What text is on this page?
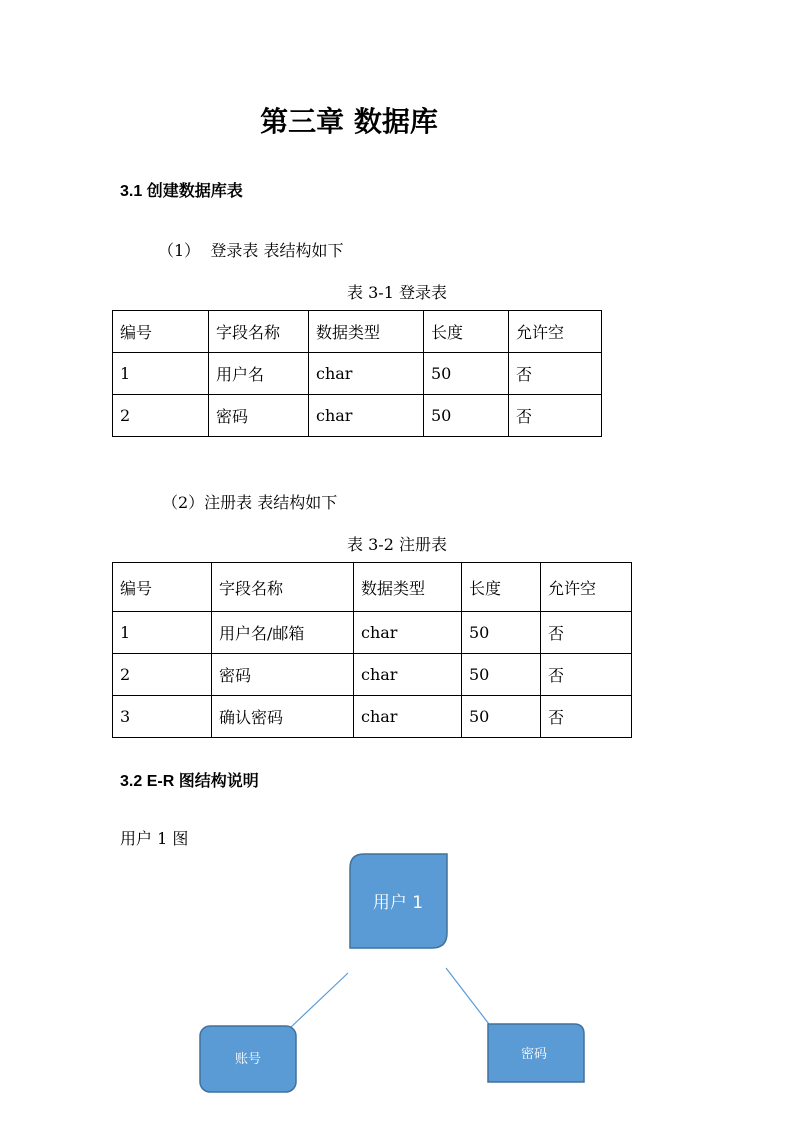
第三章 数据库
3.1 创建数据库表

（1）  登录表 表结构如下

表 3-1 登录表

编号	字段名称	数据类型	长度	允许空
1	用户名	char	50	否
2	密码	char	50	否

（2）注册表 表结构如下

表 3-2 注册表

编号	字段名称	数据类型	长度	允许空
1	用户名/邮箱	char	50	否
2	密码	char	50	否
3	确认密码	char	50	否
3.2 E-R 图结构说明

用户 1 图

用户 1
账号	密码
